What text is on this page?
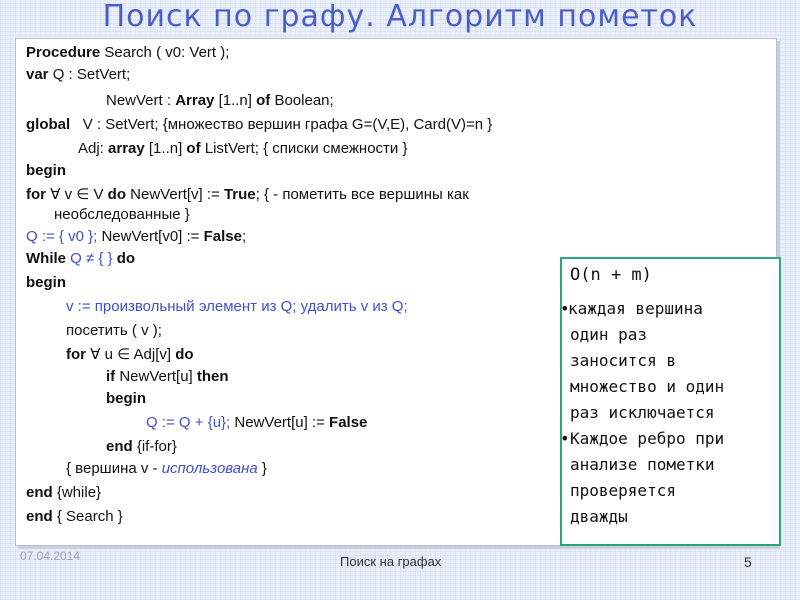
Поиск по графу. Алгоритм пометок
Procedure Search ( v0: Vert );
var Q : SetVert;
NewVert : Array [1..n] of Boolean;
global V : SetVert; {множество вершин графа G=(V,E), Card(V)=n }
Adj: array [1..n] of ListVert; { списки смежности }
begin
for ∀ v ∈ V do NewVert[v] := True; { - пометить все вершины как
необследованные }
Q := { v0 }; NewVert[v0] := False;
While Q ≠ { } do
begin
v := произвольный элемент из Q; удалить v из Q;
посетить ( v );
for ∀ u ∈ Adj[v] do
if NewVert[u] then
begin
Q := Q + {u}; NewVert[u] := False
end {if-for}
{ вершина v - использована }
end {while}
end { Search }
O(n + m)
•
каждая вершина
один раз
заносится в
множество и один
раз исключается
• Каждое ребро при
анализе пометки
проверяется
дважды
07.04.2014	Поиск на графах	5
